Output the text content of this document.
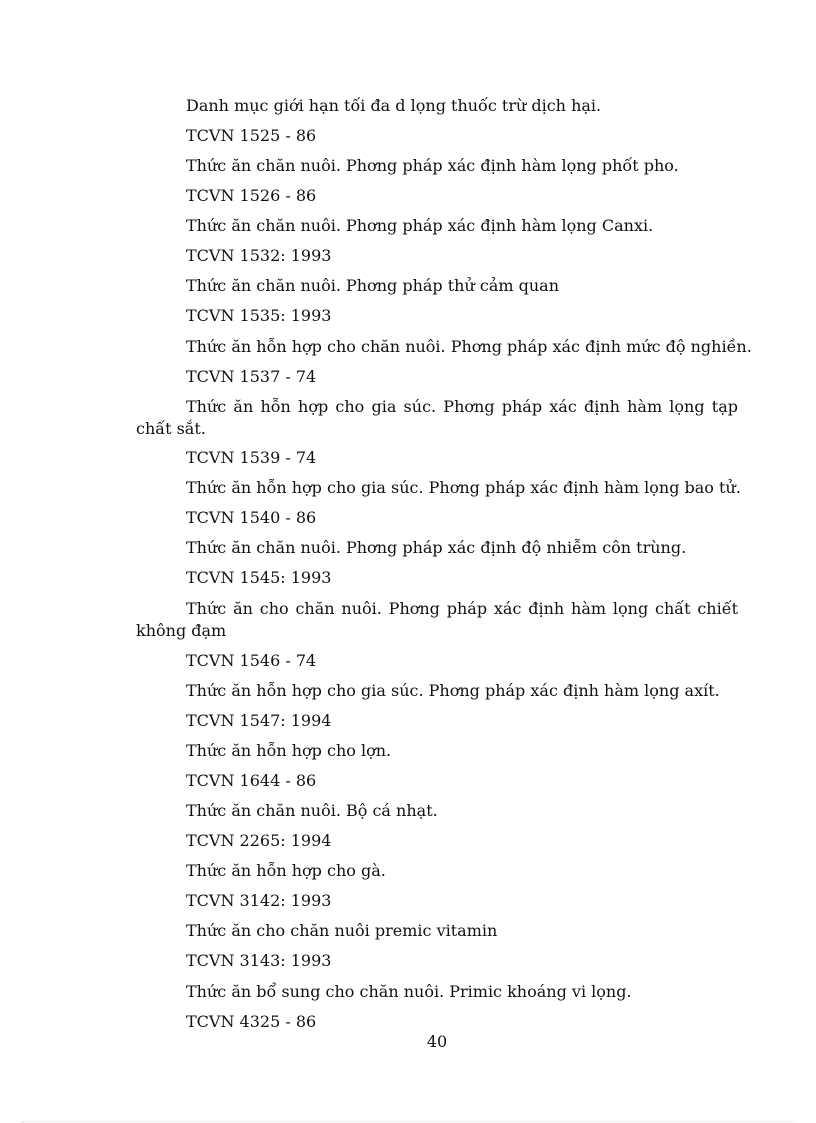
Danh mục giới hạn tối đa d lọng thuốc trừ dịch hại.
TCVN 1525 - 86
Thức ăn chăn nuôi. Phơng pháp xác định hàm lọng phốt pho.
TCVN 1526 - 86
Thức ăn chăn nuôi. Phơng pháp xác định hàm lọng Canxi.
TCVN 1532: 1993
Thức ăn chăn nuôi. Phơng pháp thử cảm quan
TCVN 1535: 1993
Thức ăn hỗn hợp cho chăn nuôi. Phơng pháp xác định mức độ nghiền.
TCVN 1537 - 74
Thức ăn hỗn hợp cho gia súc. Phơng pháp xác định hàm lọng tạp chất sắt.
TCVN 1539 - 74
Thức ăn hỗn hợp cho gia súc. Phơng pháp xác định hàm lọng bao tử.
TCVN 1540 - 86
Thức ăn chăn nuôi. Phơng pháp xác định độ nhiễm côn trùng.
TCVN 1545: 1993
Thức ăn cho chăn nuôi. Phơng pháp xác định hàm lọng chất chiết không đạm
TCVN 1546 - 74
Thức ăn hỗn hợp cho gia súc. Phơng pháp xác định hàm lọng axít.
TCVN 1547: 1994
Thức ăn hỗn hợp cho lợn.
TCVN 1644 - 86
Thức ăn chăn nuôi. Bộ cá nhạt.
TCVN 2265: 1994
Thức ăn hỗn hợp cho gà.
TCVN 3142: 1993
Thức ăn cho chăn nuôi premic vitamin
TCVN 3143: 1993
Thức ăn bổ sung cho chăn nuôi. Primic khoáng vi lọng.
TCVN 4325 - 86
40
